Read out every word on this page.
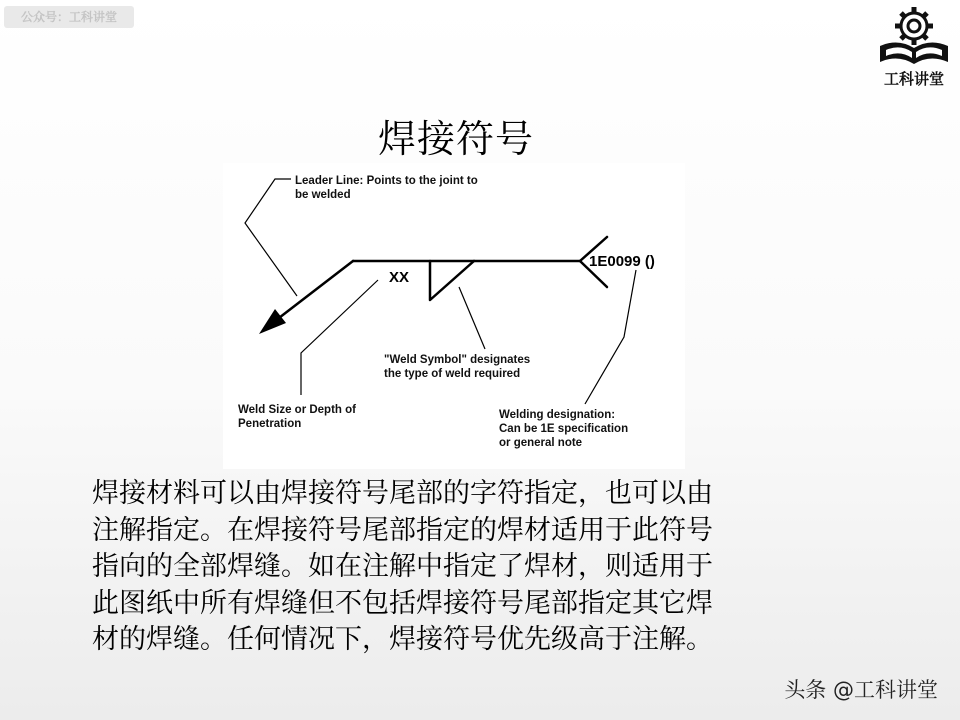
公众号：工科讲堂
工科讲堂
焊接符号
Leader Line: Points to the joint to
be welded
Weld Size or Depth of
Penetration
"Weld Symbol" designates
the type of weld required
Welding designation:
Can be 1E specification
or general note
XX
1E0099 ()
焊接材料可以由焊接符号尾部的字符指定，也可以由
注解指定。在焊接符号尾部指定的焊材适用于此符号
指向的全部焊缝。如在注解中指定了焊材，则适用于
此图纸中所有焊缝但不包括焊接符号尾部指定其它焊
材的焊缝。任何情况下，焊接符号优先级高于注解。
头条 @工科讲堂
